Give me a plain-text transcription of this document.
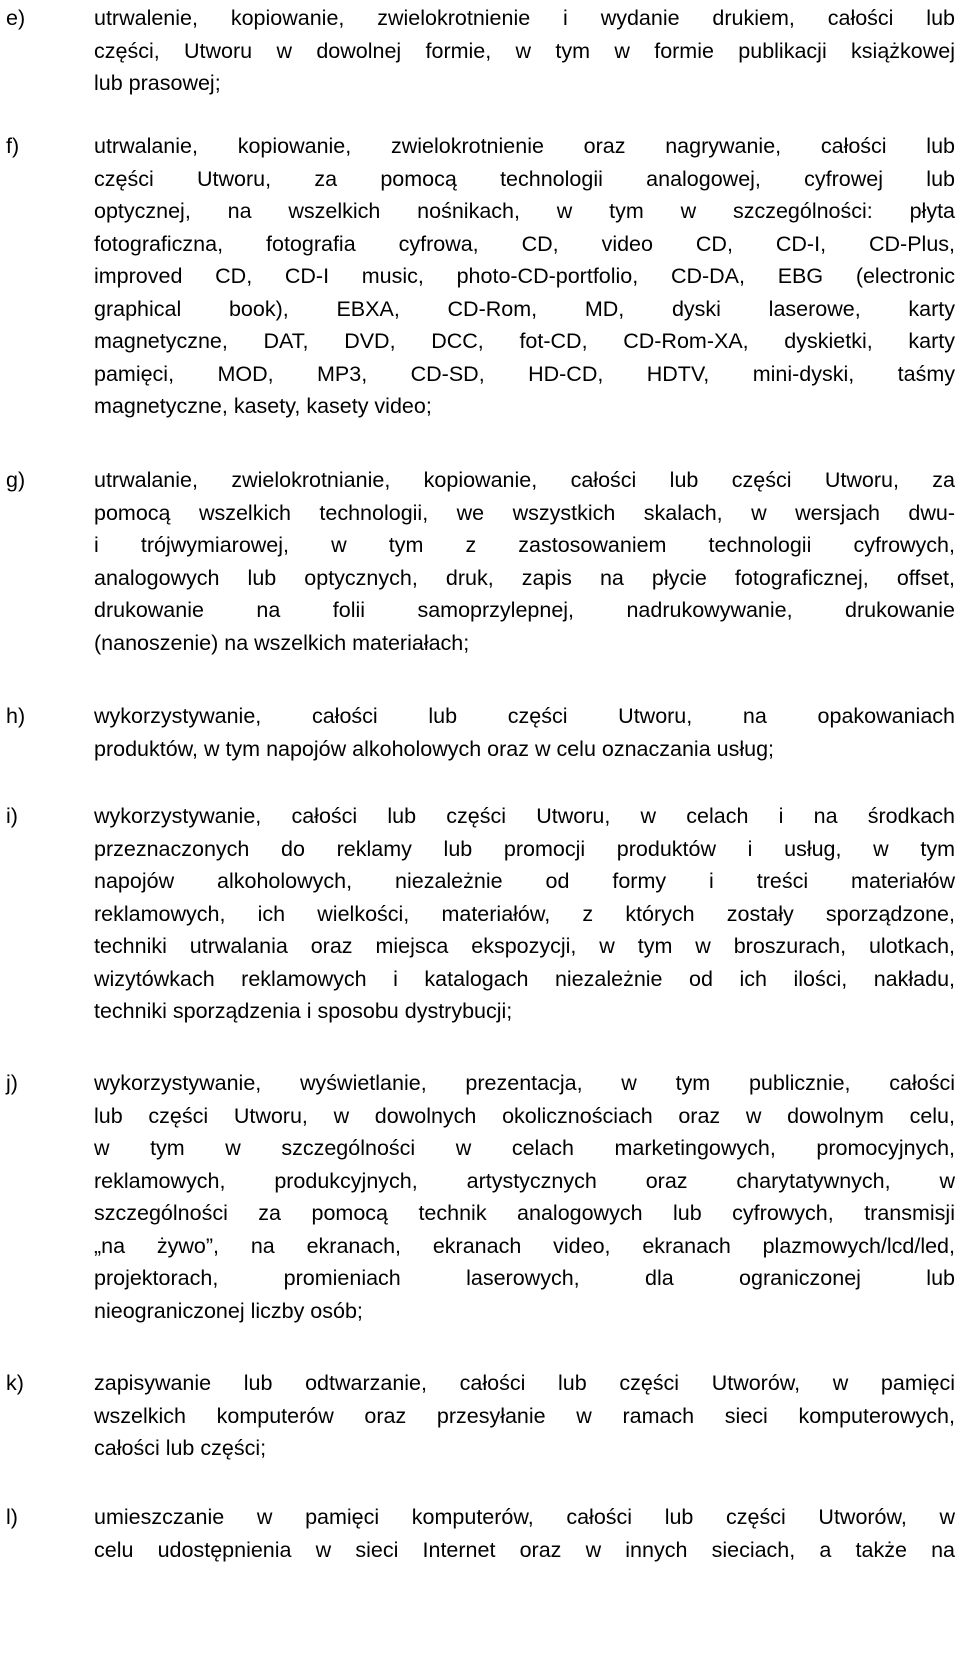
e)	utrwalenie, kopiowanie, zwielokrotnienie i wydanie drukiem, całości lub
części, Utworu w dowolnej formie, w tym w formie publikacji książkowej
lub prasowej;
f)	utrwalanie, kopiowanie, zwielokrotnienie oraz nagrywanie, całości lub
części Utworu, za pomocą technologii analogowej, cyfrowej lub
optycznej, na wszelkich nośnikach, w tym w szczególności: płyta
fotograficzna, fotografia cyfrowa, CD, video CD, CD-I, CD-Plus,
improved CD, CD-I music, photo-CD-portfolio, CD-DA, EBG (electronic
graphical book), EBXA, CD-Rom, MD, dyski laserowe, karty
magnetyczne, DAT, DVD, DCC, fot-CD, CD-Rom-XA, dyskietki, karty
pamięci, MOD, MP3, CD-SD, HD-CD, HDTV, mini-dyski, taśmy
magnetyczne, kasety, kasety video;
g)	utrwalanie, zwielokrotnianie, kopiowanie, całości lub części Utworu, za
pomocą wszelkich technologii, we wszystkich skalach, w wersjach dwu-
i trójwymiarowej, w tym z zastosowaniem technologii cyfrowych,
analogowych lub optycznych, druk, zapis na płycie fotograficznej, offset,
drukowanie na folii samoprzylepnej, nadrukowywanie, drukowanie
(nanoszenie) na wszelkich materiałach;
h)	wykorzystywanie, całości lub części Utworu, na opakowaniach
produktów, w tym napojów alkoholowych oraz w celu oznaczania usług;
i)	wykorzystywanie, całości lub części Utworu, w celach i na środkach
przeznaczonych do reklamy lub promocji produktów i usług, w tym
napojów alkoholowych, niezależnie od formy i treści materiałów
reklamowych, ich wielkości, materiałów, z których zostały sporządzone,
techniki utrwalania oraz miejsca ekspozycji, w tym w broszurach, ulotkach,
wizytówkach reklamowych i katalogach niezależnie od ich ilości, nakładu,
techniki sporządzenia i sposobu dystrybucji;
j)	wykorzystywanie, wyświetlanie, prezentacja, w tym publicznie, całości
lub części Utworu, w dowolnych okolicznościach oraz w dowolnym celu,
w tym w szczególności w celach marketingowych, promocyjnych,
reklamowych, produkcyjnych, artystycznych oraz charytatywnych, w
szczególności za pomocą technik analogowych lub cyfrowych, transmisji
„na żywo”, na ekranach, ekranach video, ekranach plazmowych/lcd/led,
projektorach, promieniach laserowych, dla ograniczonej lub
nieograniczonej liczby osób;
k)	zapisywanie lub odtwarzanie, całości lub części Utworów, w pamięci
wszelkich komputerów oraz przesyłanie w ramach sieci komputerowych,
całości lub części;
l)	umieszczanie w pamięci komputerów, całości lub części Utworów, w
celu udostępnienia w sieci Internet oraz w innych sieciach, a także na
